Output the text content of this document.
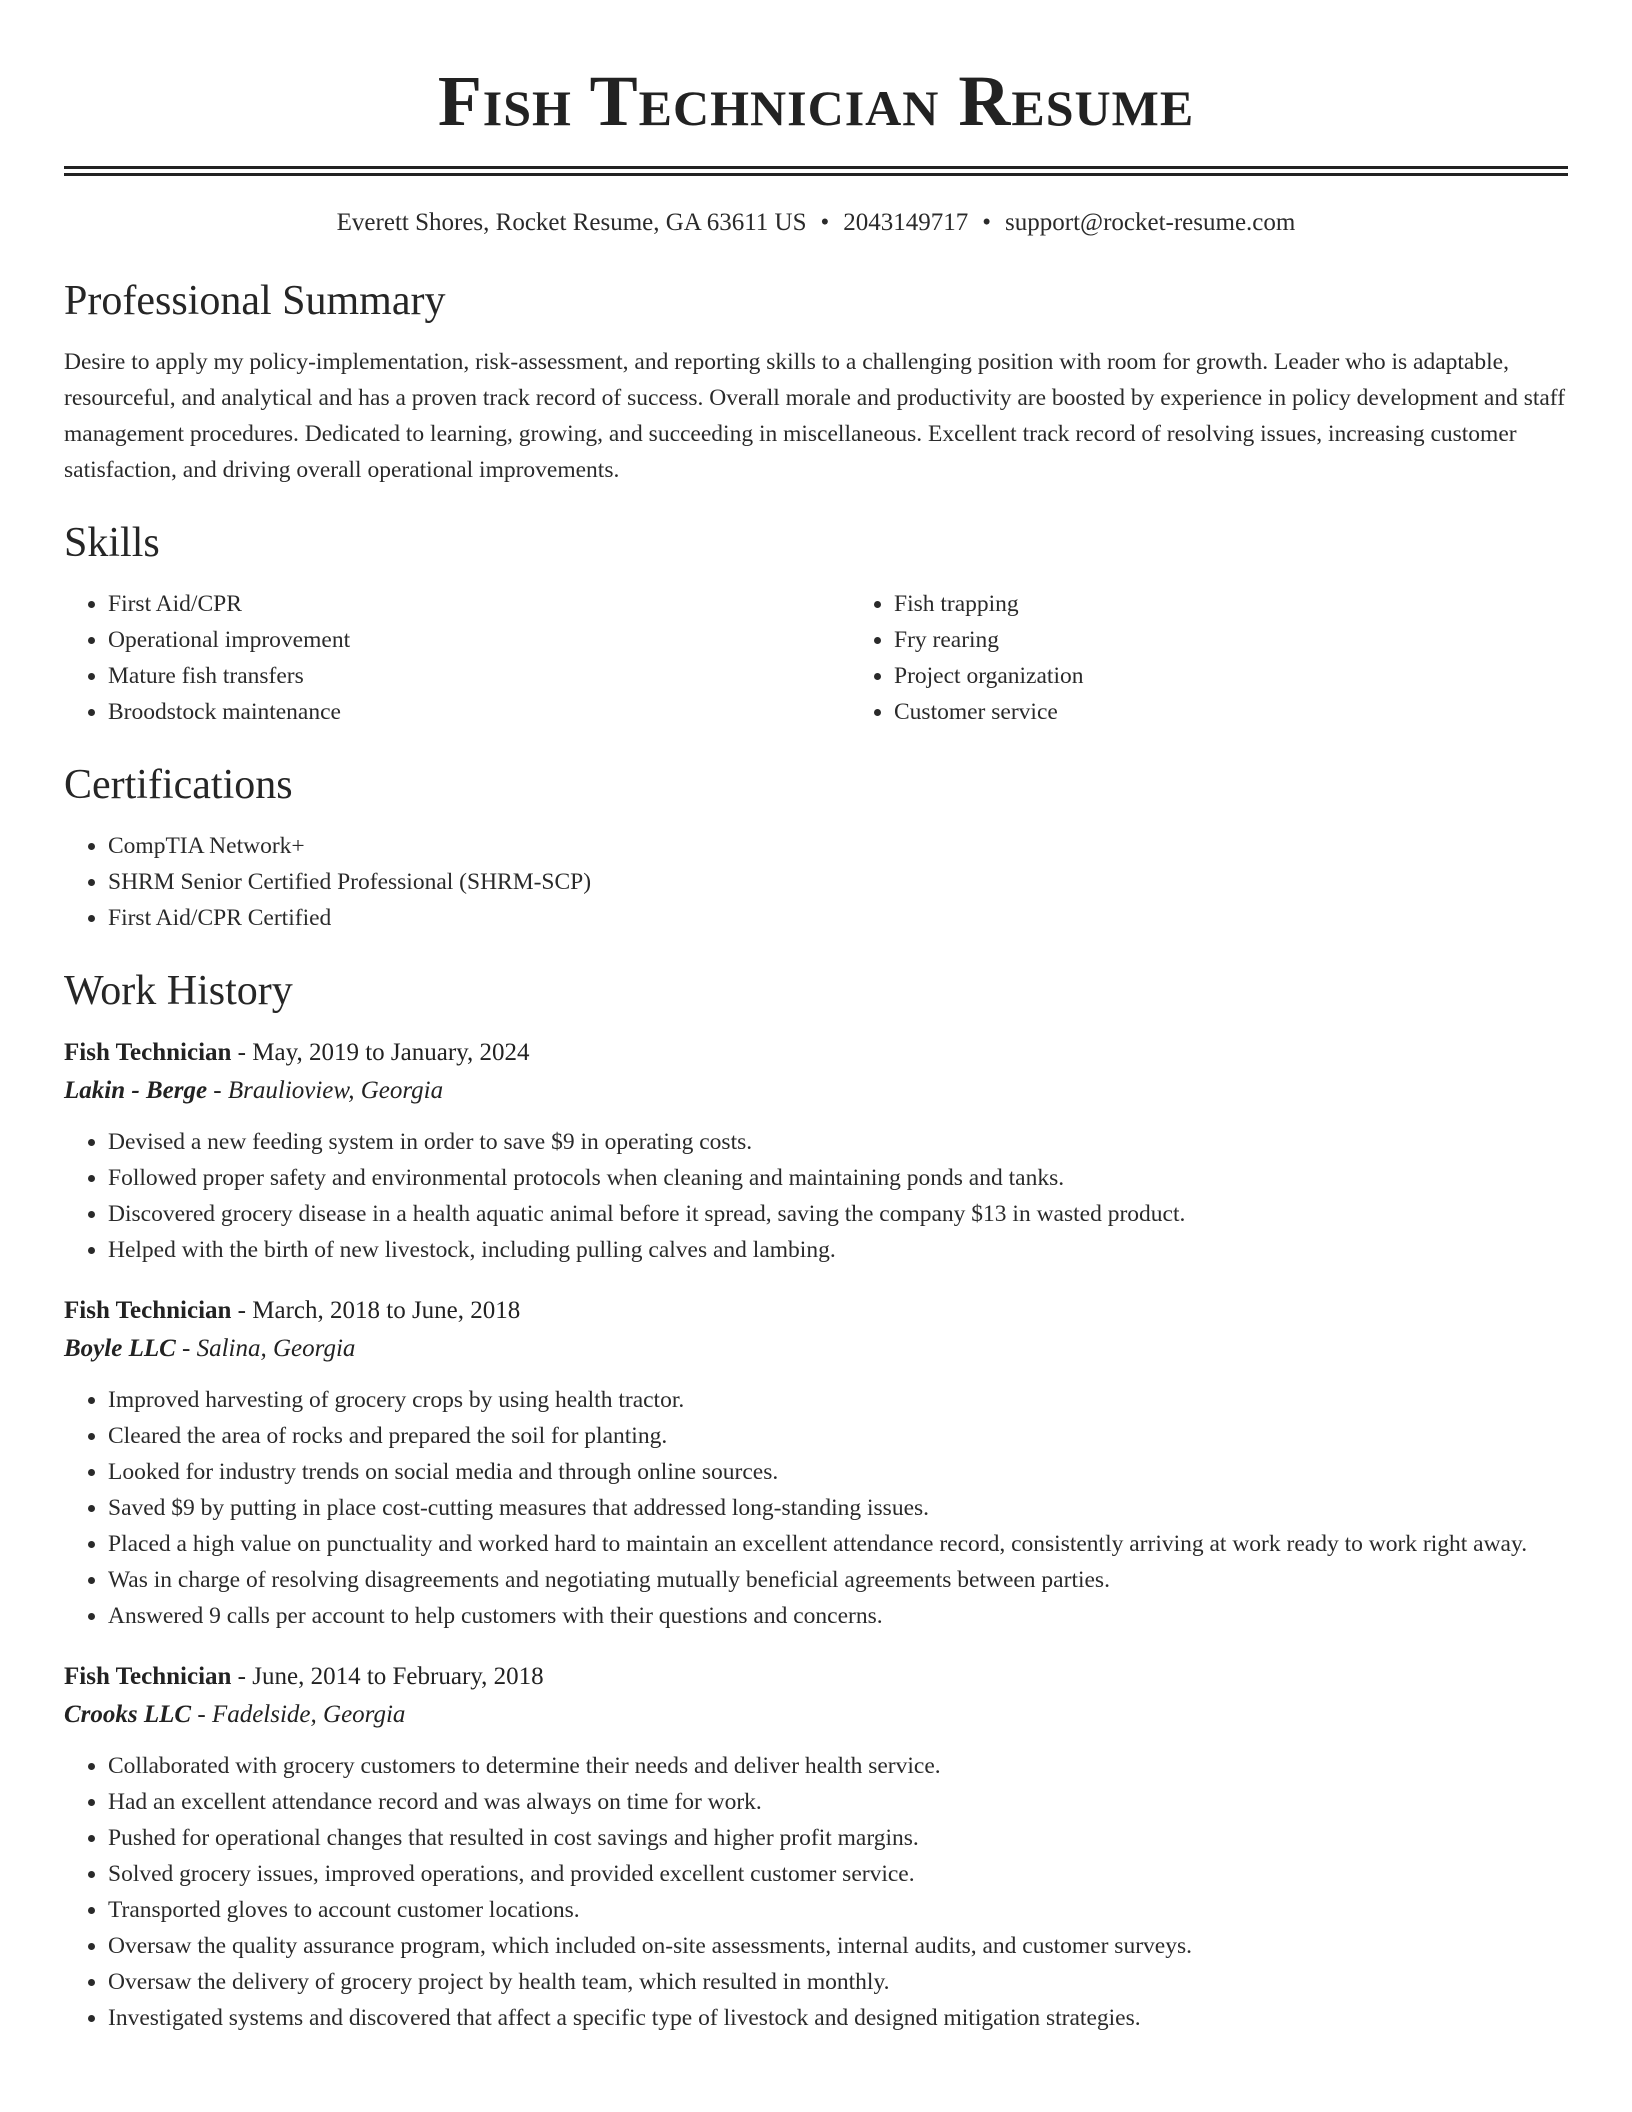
Fish Technician Resume
Everett Shores, Rocket Resume, GA 63611 US • 2043149717 • support@rocket-resume.com
Professional Summary

Desire to apply my policy-implementation, risk-assessment, and reporting skills to a challenging position with room for growth. Leader who is adaptable, resourceful, and analytical and has a proven track record of success. Overall morale and productivity are boosted by experience in policy development and staff management procedures. Dedicated to learning, growing, and succeeding in miscellaneous. Excellent track record of resolving issues, increasing customer satisfaction, and driving overall operational improvements.

Skills
• First Aid/CPR
• Operational improvement
• Mature fish transfers
• Broodstock maintenance
• Fish trapping
• Fry rearing
• Project organization
• Customer service
Certifications
• CompTIA Network+
• SHRM Senior Certified Professional (SHRM-SCP)
• First Aid/CPR Certified
Work History
Fish Technician - May, 2019 to January, 2024
Lakin - Berge - Braulioview, Georgia
• Devised a new feeding system in order to save $9 in operating costs.
• Followed proper safety and environmental protocols when cleaning and maintaining ponds and tanks.
• Discovered grocery disease in a health aquatic animal before it spread, saving the company $13 in wasted product.
• Helped with the birth of new livestock, including pulling calves and lambing.
Fish Technician - March, 2018 to June, 2018
Boyle LLC - Salina, Georgia
• Improved harvesting of grocery crops by using health tractor.
• Cleared the area of rocks and prepared the soil for planting.
• Looked for industry trends on social media and through online sources.
• Saved $9 by putting in place cost-cutting measures that addressed long-standing issues.
• Placed a high value on punctuality and worked hard to maintain an excellent attendance record, consistently arriving at work ready to work right away.
• Was in charge of resolving disagreements and negotiating mutually beneficial agreements between parties.
• Answered 9 calls per account to help customers with their questions and concerns.
Fish Technician - June, 2014 to February, 2018
Crooks LLC - Fadelside, Georgia
• Collaborated with grocery customers to determine their needs and deliver health service.
• Had an excellent attendance record and was always on time for work.
• Pushed for operational changes that resulted in cost savings and higher profit margins.
• Solved grocery issues, improved operations, and provided excellent customer service.
• Transported gloves to account customer locations.
• Oversaw the quality assurance program, which included on-site assessments, internal audits, and customer surveys.
• Oversaw the delivery of grocery project by health team, which resulted in monthly.
• Investigated systems and discovered that affect a specific type of livestock and designed mitigation strategies.
